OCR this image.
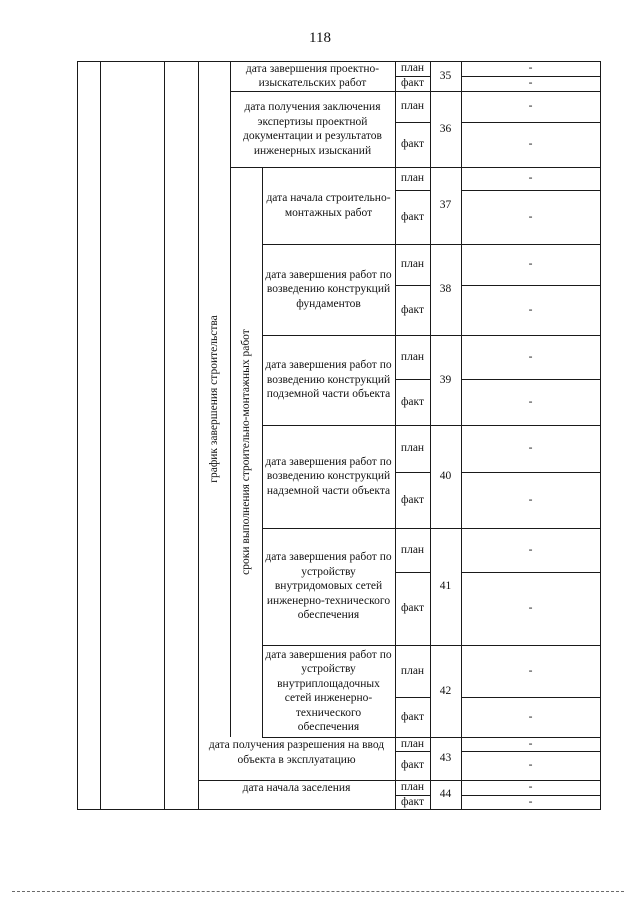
118
дата завершения проектно-изыскательских работ
план
факт
35
-
-
дата получения заключения экспертизы проектной документации и результатов инженерных изысканий
план
факт
36
-
-
дата начала строительно-монтажных работ
план
факт
37
-
-
дата завершения работ по возведению конструкций фундаментов
план
факт
38
-
-
дата завершения работ по возведению конструкций подземной части объекта
план
факт
39
-
-
дата завершения работ по возведению конструкций надземной части объекта
план
факт
40
-
-
дата завершения работ по устройству внутридомовых сетей инженерно-технического обеспечения
план
факт
41
-
-
дата завершения работ по устройству внутриплощадочных сетей инженерно-технического обеспечения
план
факт
42
-
-
дата получения разрешения на ввод объекта в эксплуатацию
план
факт
43
-
-
дата начала заселения	план
факт
44
-
-
график завершения строительства сроки выполнения строительно-монтажных работ
